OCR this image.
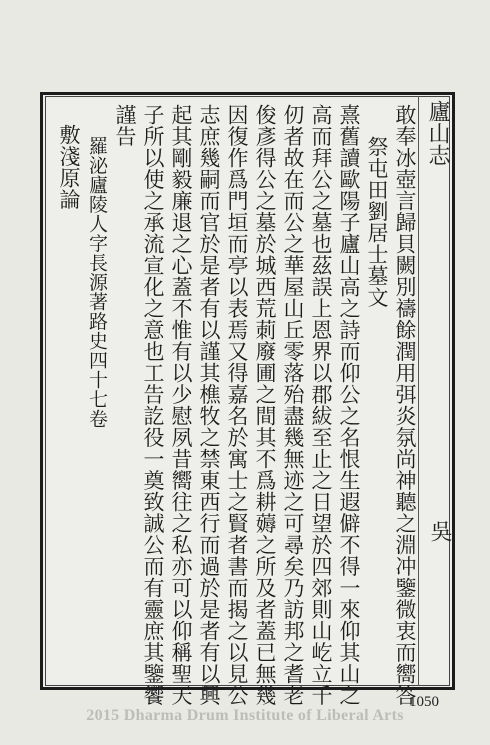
廬山志
吳
敢奉冰壺言歸貝闕別禱餘潤用弭炎氛尚神聽之淵冲鑒微衷而嚮答
祭屯田劉居士墓文
熹舊讀歐陽子廬山高之詩而仰公之名恨生遐僻不得一來仰其山之
高而拜公之墓也茲誤上恩界以郡紱至止之日望於四郊則山屹立千
仞者故在而公之華屋山丘零落殆盡幾無迹之可尋矣乃訪邦之耆老
俊彥得公之墓於城西荒莿廢圃之間其不爲耕薅之所及者蓋已無幾
因復作爲門垣而亭以表焉又得嘉名於寓士之賢者書而揭之以見公
志庶幾嗣而官於是者有以謹其樵牧之禁東西行而過於是者有以興
起其剛毅廉退之心蓋不惟有以少慰夙昔嚮往之私亦可以仰稱聖天
子所以使之承流宣化之意也工告訖役一奠致誠公而有靈庶其鑒饗
謹告
羅泌廬陵人字長源著路史四十七卷
敷淺原論
1050
2015 Dharma Drum Institute of Liberal Arts
